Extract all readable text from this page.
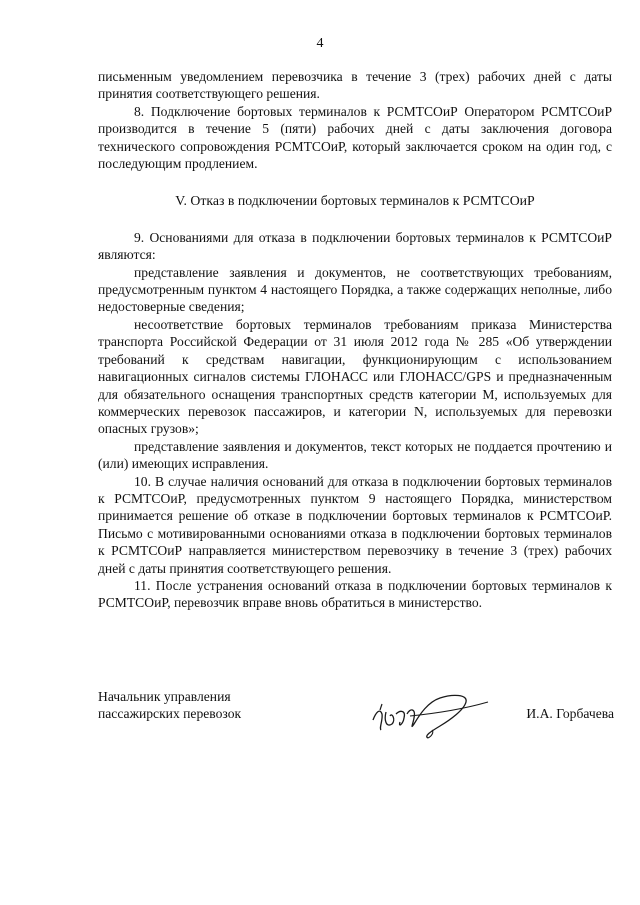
4

письменным уведомлением перевозчика в течение 3 (трех) рабочих дней с даты принятия соответствующего решения.

8. Подключение бортовых терминалов к РСМТСОиР Оператором РСМТСОиР производится в течение 5 (пяти) рабочих дней с даты заключения договора технического сопровождения РСМТСОиР, который заключается сроком на один год, с последующим продлением.

V. Отказ в подключении бортовых терминалов к РСМТСОиР

9. Основаниями для отказа в подключении бортовых терминалов к РСМТСОиР являются:

представление заявления и документов, не соответствующих требованиям, предусмотренным пунктом 4 настоящего Порядка, а также содержащих неполные, либо недостоверные сведения;

несоответствие бортовых терминалов требованиям приказа Министерства транспорта Российской Федерации от 31 июля 2012 года № 285 «Об утверждении требований к средствам навигации, функционирующим с использованием навигационных сигналов системы ГЛОНАСС или ГЛОНАСС/GPS и предназначенным для обязательного оснащения транспортных средств категории М, используемых для коммерческих перевозок пассажиров, и категории N, используемых для перевозки опасных грузов»;

представление заявления и документов, текст которых не поддается прочтению и (или) имеющих исправления.

10. В случае наличия оснований для отказа в подключении бортовых терминалов к РСМТСОиР, предусмотренных пунктом 9 настоящего Порядка, министерством принимается решение об отказе в подключении бортовых терминалов к РСМТСОиР. Письмо с мотивированными основаниями отказа в подключении бортовых терминалов к РСМТСОиР направляется министерством перевозчику в течение 3 (трех) рабочих дней с даты принятия соответствующего решения.

11. После устранения оснований отказа в подключении бортовых терминалов к РСМТСОиР, перевозчик вправе вновь обратиться в министерство.

Начальник управления
пассажирских перевозок	И.А. Горбачева
